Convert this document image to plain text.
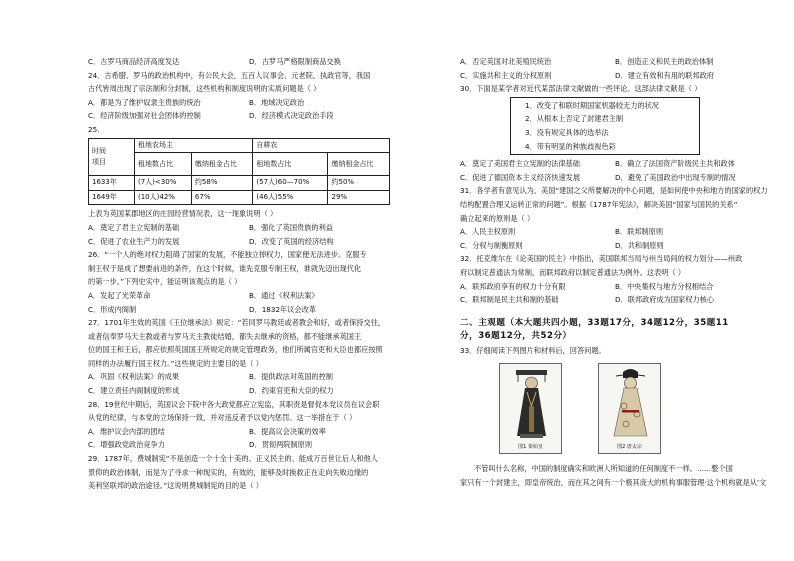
C．古罗马商品经济高度发达	D．古罗马严格限制商品交换
24．古希腊、罗马的政治机构中，有公民大会，五百人议事会、元老院、执政官等，我国
古代皆周出现了宗法制和分封制，这些机构和制度说明的实质问题是（ ）
A．都是为了维护奴隶主贵族的统治	B．地域决定政治
C．经济阶级加强对社会团体的控制	D．经济模式决定政治手段
25.
时间
项目	租地农场主		自耕农	
	租地数占比	缴纳租金占比	租地数占比	缴纳租金占比
1633年	(7人)<30%	约58%	(57人)60—70%	约50%
1649年	(10人)42%	67%	(46人)55%	29%
上表为英国某郡地区的庄园经营情况表，这一现象说明（ ）
A．奠定了君主立宪制的基础	B．强化了英国贵族的利益
C．促进了农业生产力的发展	D．改变了英国的经济结构
26．“一个人的绝对权力阻碍了国家的发展，不能独立掉权力，国家便无法进步。克服专
制王权于是成了想要前进的条件，在这个时候，谁先克服专制王权，谁就先迈出现代化
的第一步。”下列史实中，能证明该观点的是（ ）
A．发起了光荣革命	B．通过《权利法案》
C．形成内阁制	D．1832年议会改革
27．1701年生效的英国《王位继承法》规定：“若同罗马教廷或者教会和好，或者保持交往，
或者信奉罗马天主教或者与罗马天主教徒结婚，都失去继承的资格，都不能继承英国王
位的国王和王后，都应依照英国国王所规定的规定管理政务，他们所属官吏和大臣也都应按照
同样的办法履行国王权力。”这些规定的主要目的是（ ）
A．巩固《权利法案》的成果	B．提供政法对英国的控制
C．建立责任内阁制度的形成	D．约束官吏和大臣的权力
28．19世纪中期后，英国议会下院中各大政党都应立宪监，其职责是督促本党议员在议会职
从党的纪律，与本党的立场保持一致，并对违反者予以党内惩罚。这一举措在于（ ）
A．维护议会内部的团结	B．提高议会决策的效率
C．增强政党政治竞争力	D．贯彻两院制原则
29．1787年，费城制宪“不是创造一个十全十美的、正义民主的、能成万百世让后人和他人
景仰的政治体制，而是为了寻求一种现实的，有效的，能够及时换救正在走向失败边缘的
美利坚联邦的政治途径。”这说明费城制宪的目的是（ ）
A．否定英国对北美殖民统治	B．创造正义和民主的政治体制
C．实施共和主义的分权原则	D．建立有效和有用的联邦政府
30．下面是某学者对近代某部法律文献做的一些评论。这部法律文献是（ ）
1．改变了和联时期国家机器较无力的状况
2．从根本上否定了封建君主制
3．没有规定具体的选举法
4．带有明显的种族歧视色彩
A．奠定了美国君主立宪制的法律基础	B．确立了法国资产阶级民主共和政体
C．促进了德国资本主义经济快速发展	D．避免了美国政治中出现专制的情况
31．各学者有意见认为，美国“建国之父所要解决的中心问题，是如何使中央和地方的国家的权力
结构配置合理又运转正常的问题”。根据《1787年宪法》，解决美国“国家与国民的关系”
确立起来的原则是（ ）
A．人民主权原则	B．联邦制原则
C．分权与制衡原则	D．共和制原则
32．托克维尔在《论美国的民主》中指出，美国联邦当局与州当局间的权力划分——州政
府以制定普通法为常制，而联邦政府以制定普通法为例外。这表明（ ）
A．联邦政府享有的权力十分有限	B．中央集权与地方分权相结合
C．联邦制是民主共和制的基础	D．联邦政府成为国家权力核心
二、主观题（本大题共四小题，33题17分，34题12分，35题11
分，36题12分，共52分）
33．仔细阅读下列图片和材料后，回答问题。
图1 秦始皇	图2 唐太宗
不管叫什么名称，中国的制度确实和欧洲人所知道的任何制度不一样。……整个国
家只有一个封建主，即皇帝统治，而在其之间有一个极其庞大的机构事服管理·这个机构就是从'文
